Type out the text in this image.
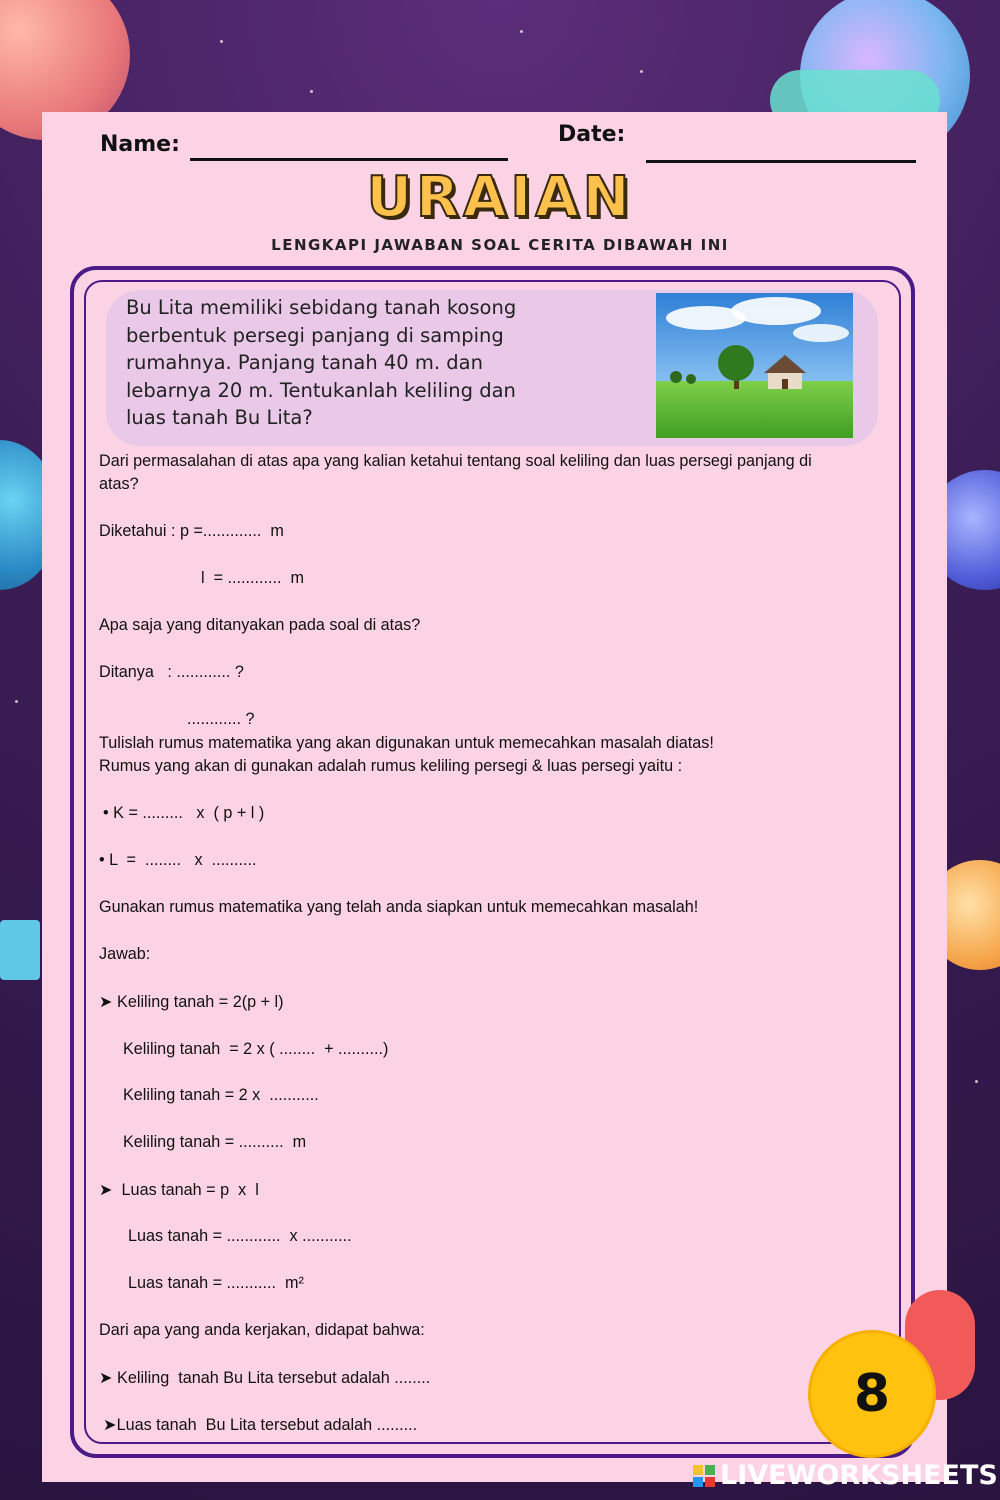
Name:	Date:
URAIAN
LENGKAPI JAWABAN SOAL CERITA DIBAWAH INI
Bu Lita memiliki sebidang tanah kosong
berbentuk persegi panjang di samping
rumahnya. Panjang tanah 40 m. dan
lebarnya 20 m. Tentukanlah keliling dan
luas tanah Bu Lita?
Dari permasalahan di atas apa yang kalian ketahui tentang soal keliling dan luas persegi panjang di
atas?
Diketahui : p =.............  m
l  = ............  m
Apa saja yang ditanyakan pada soal di atas?
Ditanya   : ............ ?
............ ?
Tulislah rumus matematika yang akan digunakan untuk memecahkan masalah diatas!
Rumus yang akan di gunakan adalah rumus keliling persegi & luas persegi yaitu :
• K = .........   x  ( p + l )
• L  =  ........   x  ..........
Gunakan rumus matematika yang telah anda siapkan untuk memecahkan masalah!
Jawab:
➤ Keliling tanah = 2(p + l)
Keliling tanah  = 2 x ( ........  + ..........)
Keliling tanah = 2 x  ...........
Keliling tanah = ..........  m
➤  Luas tanah = p  x  l
Luas tanah = ............  x ...........
Luas tanah = ...........  m²
Dari apa yang anda kerjakan, didapat bahwa:
➤ Keliling  tanah Bu Lita tersebut adalah ........
➤Luas tanah  Bu Lita tersebut adalah .........
8
LIVEWORKSHEETS
